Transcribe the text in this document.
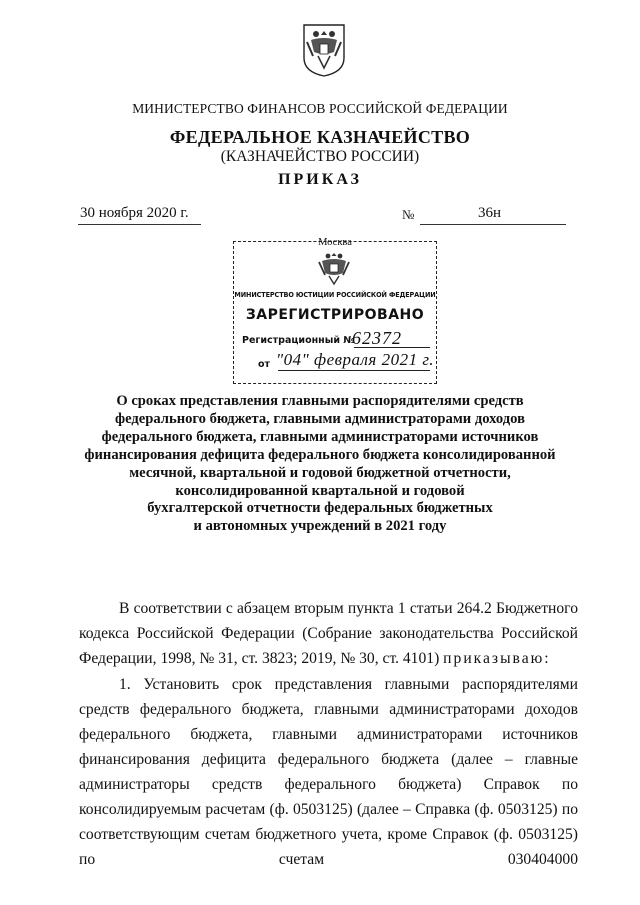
МИНИСТЕРСТВО ФИНАНСОВ РОССИЙСКОЙ ФЕДЕРАЦИИ
ФЕДЕРАЛЬНОЕ КАЗНАЧЕЙСТВО
(КАЗНАЧЕЙСТВО РОССИИ)
ПРИКАЗ
30 ноября 2020 г.	№	36н
Москва
МИНИСТЕРСТВО ЮСТИЦИИ РОССИЙСКОЙ ФЕДЕРАЦИИ
ЗАРЕГИСТРИРОВАНО
Регистрационный №
62372
от "04" февраля 2021 г.
О сроках представления главными распорядителями средств
федерального бюджета, главными администраторами доходов
федерального бюджета, главными администраторами источников
финансирования дефицита федерального бюджета консолидированной
месячной, квартальной и годовой бюджетной отчетности,
консолидированной квартальной и годовой
бухгалтерской отчетности федеральных бюджетных
и автономных учреждений в 2021 году
В соответствии с абзацем вторым пункта 1 статьи 264.2 Бюджетного кодекса Российской Федерации (Собрание законодательства Российской Федерации, 1998, № 31, ст. 3823; 2019, № 30, ст. 4101) приказываю:
1. Установить срок представления главными распорядителями средств федерального бюджета, главными администраторами доходов федерального бюджета, главными администраторами источников финансирования дефицита федерального бюджета (далее – главные администраторы средств федерального бюджета) Справок по консолидируемым расчетам (ф. 0503125) (далее – Справка (ф. 0503125) по соответствующим счетам бюджетного учета, кроме Справок (ф. 0503125) по счетам 030404000
